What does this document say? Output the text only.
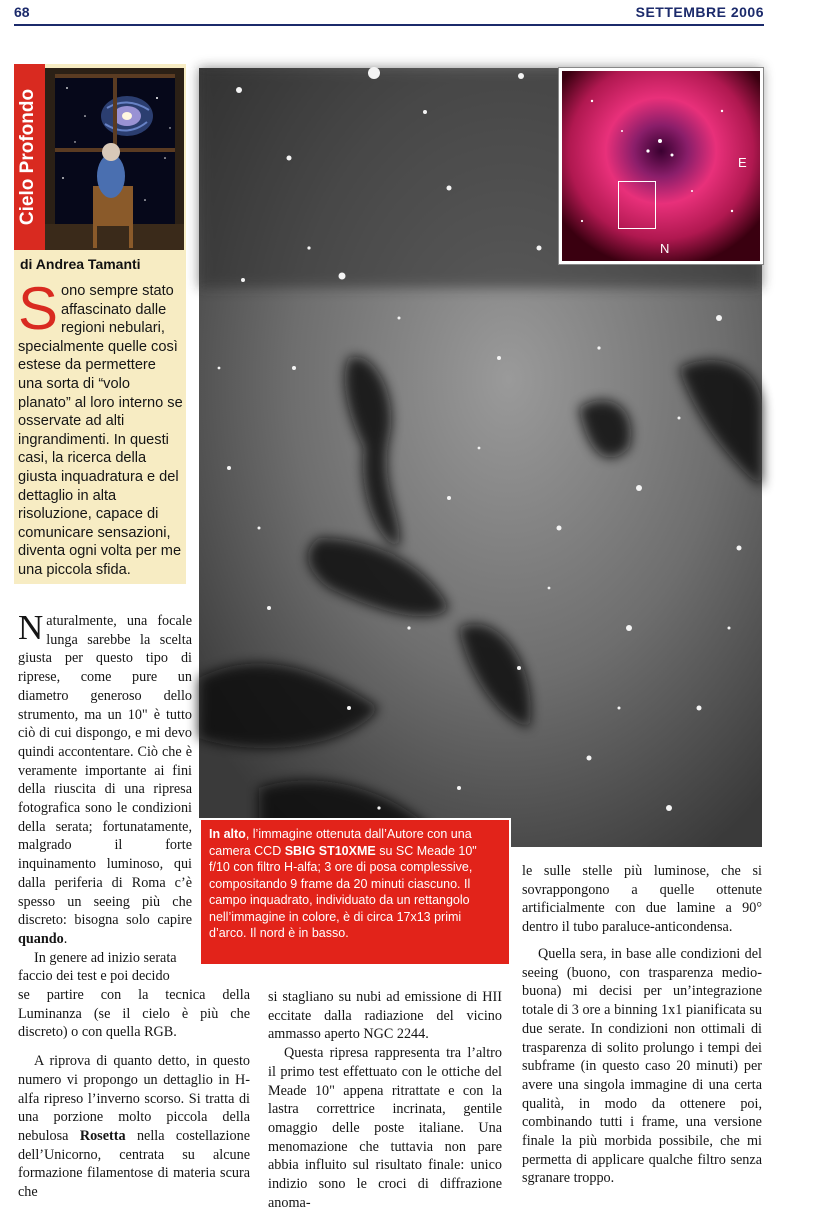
68	SETTEMBRE 2006
Cielo Profondo
di Andrea Tamanti
Sono sempre stato affascinato dalle regioni nebulari, specialmente quelle così estese da permettere una sorta di “volo planato” al loro interno se osservate ad alti ingrandimenti. In questi casi, la ricerca della giusta inquadratura e del dettaglio in alta risoluzione, capace di comunicare sensazioni, diventa ogni volta per me una piccola sfida.
E
N
In alto, l’immagine ottenuta dall’Autore con una camera CCD SBIG ST10XME su SC Meade 10" f/10 con filtro H-alfa; 3 ore di posa complessive, compositando 9 frame da 20 minuti ciascuno. Il campo inquadrato, individuato da un rettangolo nell’immagine in colore, è di circa 17x13 primi d’arco. Il nord è in basso.

Naturalmente, una focale lunga sarebbe la scelta giusta per questo tipo di riprese, come pure un diametro generoso dello strumento, ma un 10" è tutto ciò di cui dispongo, e mi devo quindi accontentare. Ciò che è veramente importante ai fini della riuscita di una ripresa fotografica sono le condizioni della serata; fortunatamente, malgrado il forte inquinamento luminoso, qui dalla periferia di Roma c’è spesso un seeing più che discreto: bisogna solo capire quando.

In genere ad inizio serata faccio dei test e poi decido

se partire con la tecnica della Luminanza (se il cielo è più che discreto) o con quella RGB.

A riprova di quanto detto, in questo numero vi propongo un dettaglio in H-alfa ripreso l’inverno scorso. Si tratta di una porzione molto piccola della nebulosa Rosetta nella costellazione dell’Unicorno, centrata su alcune formazione filamentose di materia scura che

si stagliano su nubi ad emissione di HII eccitate dalla radiazione del vicino ammasso aperto NGC 2244.

Questa ripresa rappresenta tra l’altro il primo test effettuato con le ottiche del Meade 10" appena ritrattate e con la lastra correttrice incrinata, gentile omaggio delle poste italiane. Una menomazione che tuttavia non pare abbia influito sul risultato finale: unico indizio sono le croci di diffrazione anoma-

le sulle stelle più luminose, che si sovrappongono a quelle ottenute artificialmente con due lamine a 90° dentro il tubo paraluce-anticondensa.

Quella sera, in base alle condizioni del seeing (buono, con trasparenza medio-buona) mi decisi per un’integrazione totale di 3 ore a binning 1x1 pianificata su due serate. In condizioni non ottimali di trasparenza di solito prolungo i tempi dei subframe (in questo caso 20 minuti) per avere una singola immagine di una certa qualità, in modo da ottenere poi, combinando tutti i frame, una versione finale la più morbida possibile, che mi permetta di applicare qualche filtro senza sgranare troppo.
